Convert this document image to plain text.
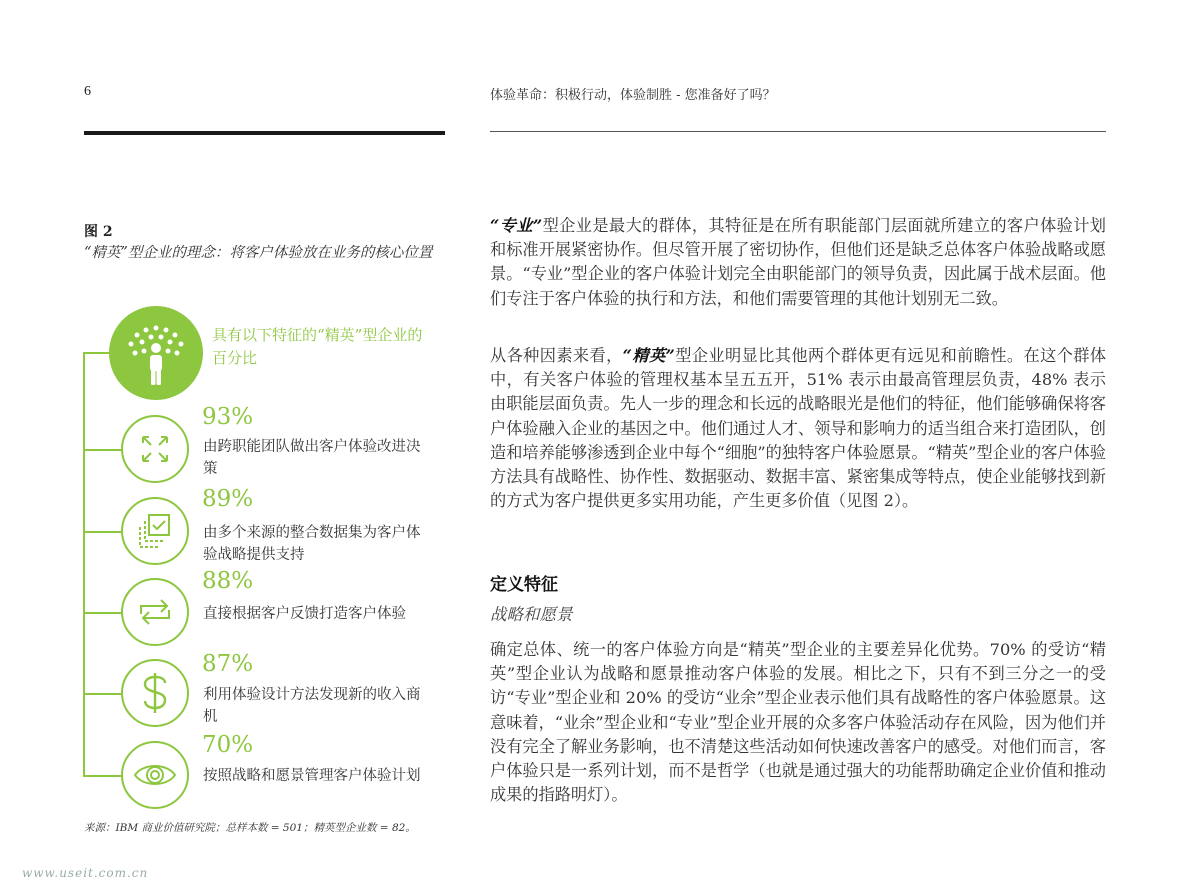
6	体验革命：积极行动，体验制胜 - 您准备好了吗？
图 2
“精英”型企业的理念：将客户体验放在业务的核心位置
具有以下特征的“精英”型企业的百分比
93%
由跨职能团队做出客户体验改进决策
89%
由多个来源的整合数据集为客户体验战略提供支持
88%
直接根据客户反馈打造客户体验
87%
利用体验设计方法发现新的收入商机
70%
按照战略和愿景管理客户体验计划
来源：IBM 商业价值研究院；总样本数 = 501；精英型企业数 = 82。
www.useit.com.cn
“专业”型企业是最大的群体，其特征是在所有职能部门层面就所建立的客户体验计划和标准开展紧密协作。但尽管开展了密切协作，但他们还是缺乏总体客户体验战略或愿景。“专业”型企业的客户体验计划完全由职能部门的领导负责，因此属于战术层面。他们专注于客户体验的执行和方法，和他们需要管理的其他计划别无二致。
从各种因素来看，“精英”型企业明显比其他两个群体更有远见和前瞻性。在这个群体中，有关客户体验的管理权基本呈五五开，51% 表示由最高管理层负责，48% 表示由职能层面负责。先人一步的理念和长远的战略眼光是他们的特征，他们能够确保将客户体验融入企业的基因之中。他们通过人才、领导和影响力的适当组合来打造团队，创造和培养能够渗透到企业中每个“细胞”的独特客户体验愿景。“精英”型企业的客户体验方法具有战略性、协作性、数据驱动、数据丰富、紧密集成等特点，使企业能够找到新的方式为客户提供更多实用功能，产生更多价值（见图 2）。
定义特征
战略和愿景
确定总体、统一的客户体验方向是“精英”型企业的主要差异化优势。70% 的受访“精英”型企业认为战略和愿景推动客户体验的发展。相比之下，只有不到三分之一的受访“专业”型企业和 20% 的受访“业余”型企业表示他们具有战略性的客户体验愿景。这意味着，“业余”型企业和“专业”型企业开展的众多客户体验活动存在风险，因为他们并没有完全了解业务影响，也不清楚这些活动如何快速改善客户的感受。对他们而言，客户体验只是一系列计划，而不是哲学（也就是通过强大的功能帮助确定企业价值和推动成果的指路明灯）。
